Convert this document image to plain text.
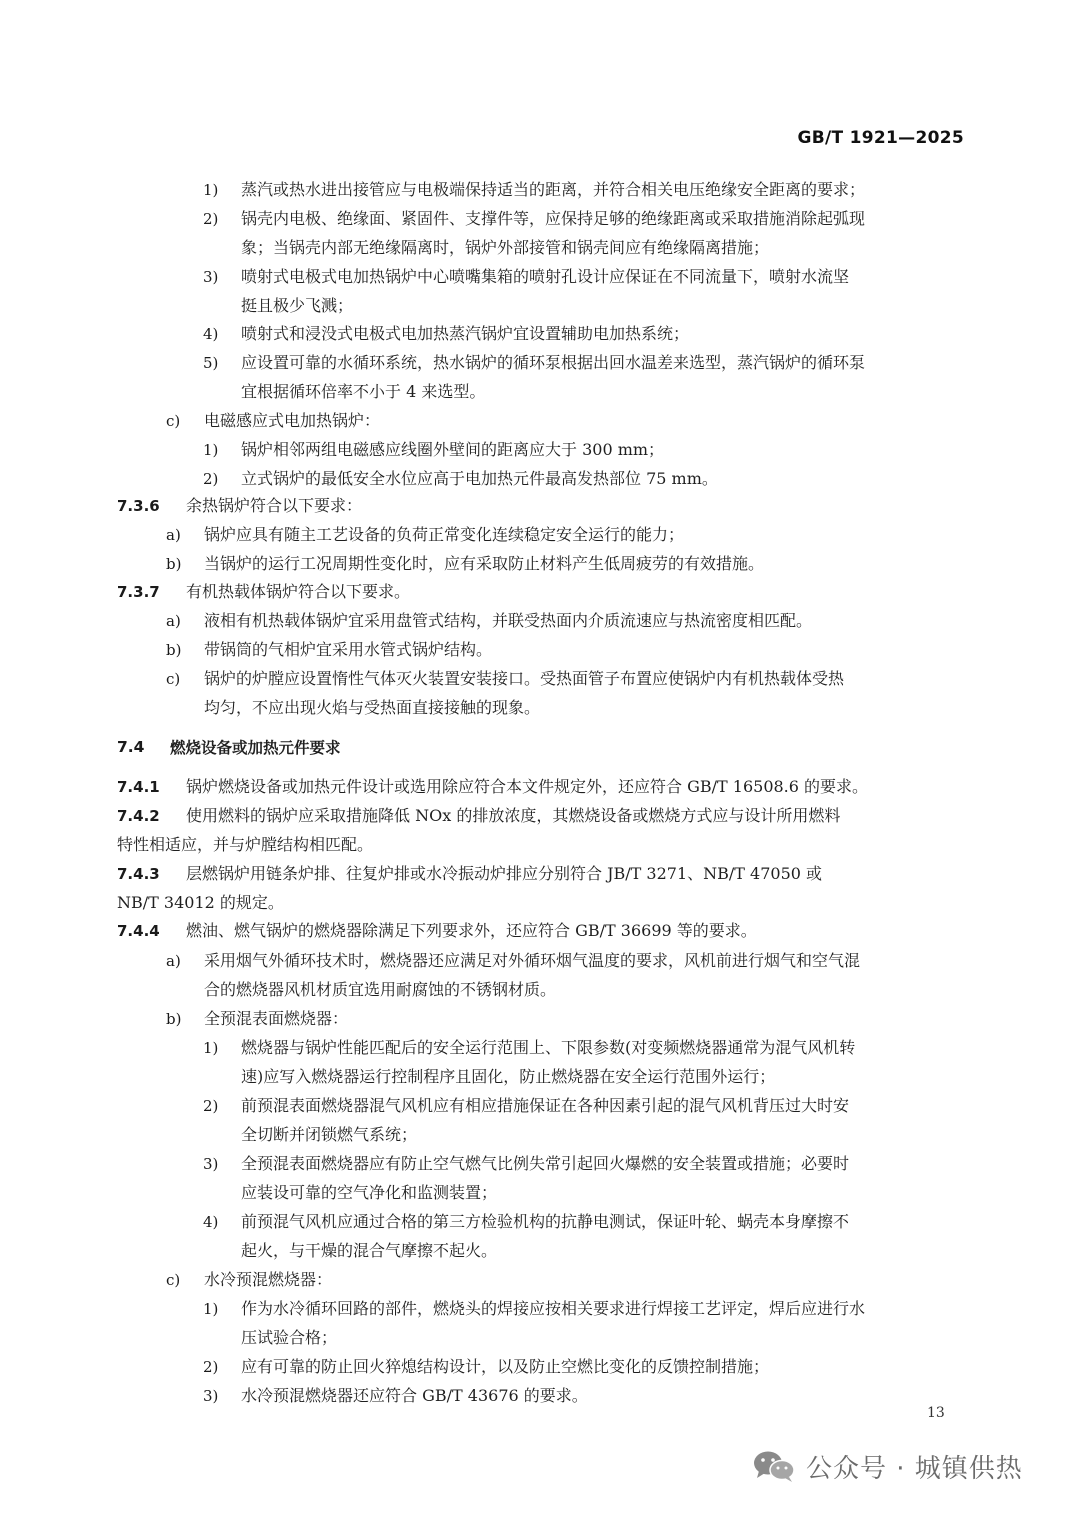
GB/T 1921—2025
1) 蒸汽或热水进出接管应与电极端保持适当的距离，并符合相关电压绝缘安全距离的要求；
2) 锅壳内电极、绝缘面、紧固件、支撑件等，应保持足够的绝缘距离或采取措施消除起弧现
象；当锅壳内部无绝缘隔离时，锅炉外部接管和锅壳间应有绝缘隔离措施；
3) 喷射式电极式电加热锅炉中心喷嘴集箱的喷射孔设计应保证在不同流量下，喷射水流坚
挺且极少飞溅；
4) 喷射式和浸没式电极式电加热蒸汽锅炉宜设置辅助电加热系统；
5) 应设置可靠的水循环系统，热水锅炉的循环泵根据出回水温差来选型，蒸汽锅炉的循环泵
宜根据循环倍率不小于 4 来选型。
c) 电磁感应式电加热锅炉：
1) 锅炉相邻两组电磁感应线圈外壁间的距离应大于 300 mm；
2) 立式锅炉的最低安全水位应高于电加热元件最高发热部位 75 mm。
7.3.6 余热锅炉符合以下要求：
a) 锅炉应具有随主工艺设备的负荷正常变化连续稳定安全运行的能力；
b) 当锅炉的运行工况周期性变化时，应有采取防止材料产生低周疲劳的有效措施。
7.3.7 有机热载体锅炉符合以下要求。
a) 液相有机热载体锅炉宜采用盘管式结构，并联受热面内介质流速应与热流密度相匹配。
b) 带锅筒的气相炉宜采用水管式锅炉结构。
c) 锅炉的炉膛应设置惰性气体灭火装置安装接口。受热面管子布置应使锅炉内有机热载体受热
均匀，不应出现火焰与受热面直接接触的现象。
7.4 燃烧设备或加热元件要求
7.4.1 锅炉燃烧设备或加热元件设计或选用除应符合本文件规定外，还应符合 GB/T 16508.6 的要求。
7.4.2 使用燃料的锅炉应采取措施降低 NOx 的排放浓度，其燃烧设备或燃烧方式应与设计所用燃料
特性相适应，并与炉膛结构相匹配。
7.4.3 层燃锅炉用链条炉排、往复炉排或水冷振动炉排应分别符合 JB/T 3271、NB/T 47050 或
NB/T 34012 的规定。
7.4.4 燃油、燃气锅炉的燃烧器除满足下列要求外，还应符合 GB/T 36699 等的要求。
a) 采用烟气外循环技术时，燃烧器还应满足对外循环烟气温度的要求，风机前进行烟气和空气混
合的燃烧器风机材质宜选用耐腐蚀的不锈钢材质。
b) 全预混表面燃烧器：
1) 燃烧器与锅炉性能匹配后的安全运行范围上、下限参数(对变频燃烧器通常为混气风机转
速)应写入燃烧器运行控制程序且固化，防止燃烧器在安全运行范围外运行；
2) 前预混表面燃烧器混气风机应有相应措施保证在各种因素引起的混气风机背压过大时安
全切断并闭锁燃气系统；
3) 全预混表面燃烧器应有防止空气燃气比例失常引起回火爆燃的安全装置或措施；必要时
应装设可靠的空气净化和监测装置；
4) 前预混气风机应通过合格的第三方检验机构的抗静电测试，保证叶轮、蜗壳本身摩擦不
起火，与干燥的混合气摩擦不起火。
c) 水冷预混燃烧器：
1) 作为水冷循环回路的部件，燃烧头的焊接应按相关要求进行焊接工艺评定，焊后应进行水
压试验合格；
2) 应有可靠的防止回火猝熄结构设计，以及防止空燃比变化的反馈控制措施；
3) 水冷预混燃烧器还应符合 GB/T 43676 的要求。
13
公众号 · 城镇供热
